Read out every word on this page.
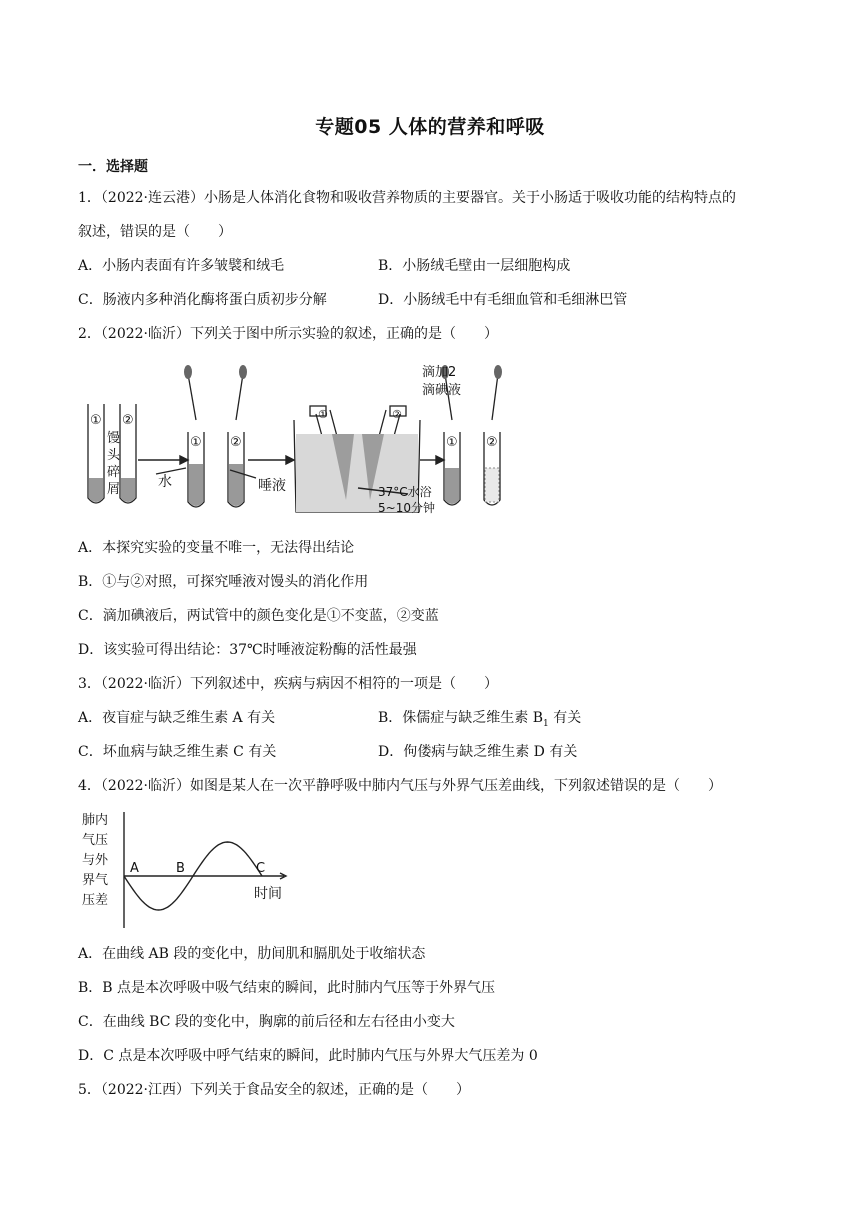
专题05 人体的营养和呼吸
一．选择题
1．（2022·连云港）小肠是人体消化食物和吸收营养物质的主要器官。关于小肠适于吸收功能的结构特点的
叙述，错误的是（　　）
A．小肠内表面有许多皱襞和绒毛	B．小肠绒毛壁由一层细胞构成
C．肠液内多种消化酶将蛋白质初步分解	D．小肠绒毛中有毛细血管和毛细淋巴管
2．（2022·临沂）下列关于图中所示实验的叙述，正确的是（　　）
① ②
① ②
①	②
① ②
水	唾液	37°C水浴
5~10分钟
滴加2
滴碘液
馒头碎屑
A．本探究实验的变量不唯一，无法得出结论
B．①与②对照，可探究唾液对馒头的消化作用
C．滴加碘液后，两试管中的颜色变化是①不变蓝，②变蓝
D．该实验可得出结论：37℃时唾液淀粉酶的活性最强
3．（2022·临沂）下列叙述中，疾病与病因不相符的一项是（　　）
A．夜盲症与缺乏维生素 A 有关	B．侏儒症与缺乏维生素 $B_1$ 有关
C．坏血病与缺乏维生素 C 有关	D．佝偻病与缺乏维生素 D 有关
4．（2022·临沂）如图是某人在一次平静呼吸中肺内气压与外界气压差曲线，下列叙述错误的是（　　）
肺内气压与外界气压差
A	B	C
时间
A．在曲线 AB 段的变化中，肋间肌和膈肌处于收缩状态
B．B 点是本次呼吸中吸气结束的瞬间，此时肺内气压等于外界气压
C．在曲线 BC 段的变化中，胸廓的前后径和左右径由小变大
D．C 点是本次呼吸中呼气结束的瞬间，此时肺内气压与外界大气压差为 0
5．（2022·江西）下列关于食品安全的叙述，正确的是（　　）
